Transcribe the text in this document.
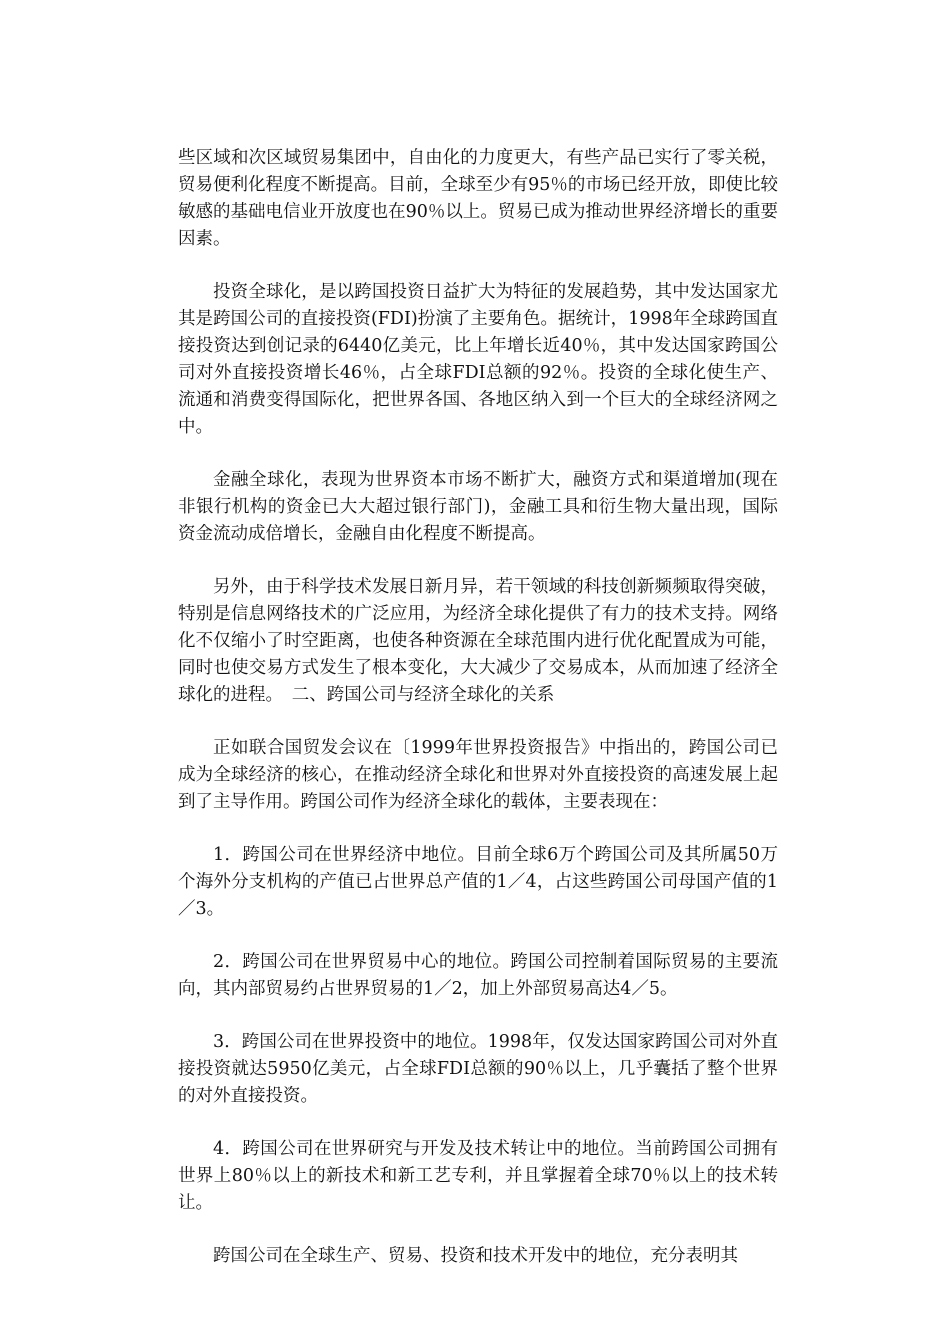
些区域和次区域贸易集团中，自由化的力度更大，有些产品已实行了零关税，贸易便利化程度不断提高。目前，全球至少有95％的市场已经开放，即使比较敏感的基础电信业开放度也在90％以上。贸易已成为推动世界经济增长的重要因素。

投资全球化，是以跨国投资日益扩大为特征的发展趋势，其中发达国家尤其是跨国公司的直接投资(FDI)扮演了主要角色。据统计，1998年全球跨国直接投资达到创记录的6440亿美元，比上年增长近40％，其中发达国家跨国公司对外直接投资增长46％，占全球FDI总额的92％。投资的全球化使生产、流通和消费变得国际化，把世界各国、各地区纳入到一个巨大的全球经济网之中。

金融全球化，表现为世界资本市场不断扩大，融资方式和渠道增加(现在非银行机构的资金已大大超过银行部门)，金融工具和衍生物大量出现，国际资金流动成倍增长，金融自由化程度不断提高。

另外，由于科学技术发展日新月异，若干领域的科技创新频频取得突破，特别是信息网络技术的广泛应用，为经济全球化提供了有力的技术支持。网络化不仅缩小了时空距离，也使各种资源在全球范围内进行优化配置成为可能，同时也使交易方式发生了根本变化，大大减少了交易成本，从而加速了经济全球化的进程。　二、跨国公司与经济全球化的关系

正如联合国贸发会议在〔1999年世界投资报告》中指出的，跨国公司已成为全球经济的核心，在推动经济全球化和世界对外直接投资的高速发展上起到了主导作用。跨国公司作为经济全球化的载体，主要表现在：

1．跨国公司在世界经济中地位。目前全球6万个跨国公司及其所属50万个海外分支机构的产值已占世界总产值的1／4，占这些跨国公司母国产值的1／3。

2．跨国公司在世界贸易中心的地位。跨国公司控制着国际贸易的主要流向，其内部贸易约占世界贸易的1／2，加上外部贸易高达4／5。

3．跨国公司在世界投资中的地位。1998年，仅发达国家跨国公司对外直接投资就达5950亿美元，占全球FDI总额的90％以上，几乎囊括了整个世界的对外直接投资。

4．跨国公司在世界研究与开发及技术转让中的地位。当前跨国公司拥有世界上80％以上的新技术和新工艺专利，并且掌握着全球70％以上的技术转让。

跨国公司在全球生产、贸易、投资和技术开发中的地位，充分表明其
